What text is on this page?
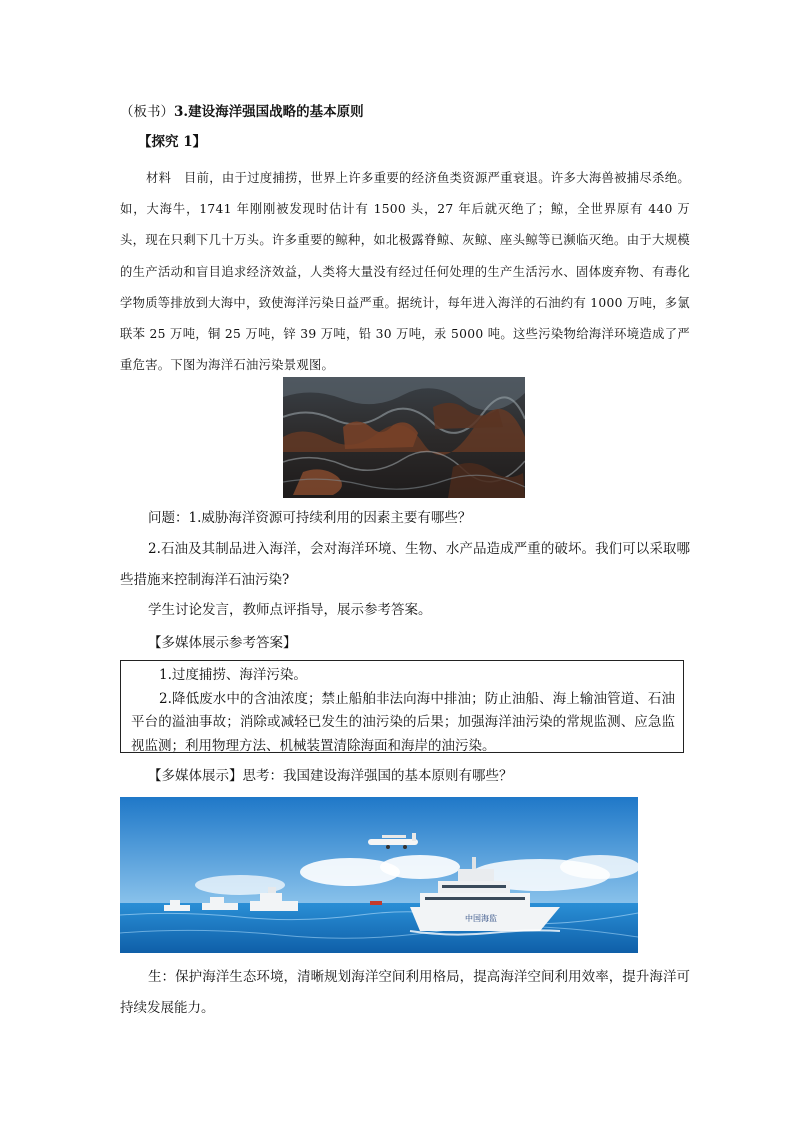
（板书）3.建设海洋强国战略的基本原则

【探究 1】

材料　目前，由于过度捕捞，世界上许多重要的经济鱼类资源严重衰退。许多大海兽被捕尽杀绝。如，大海牛，1741 年刚刚被发现时估计有 1500 头，27 年后就灭绝了；鲸，全世界原有 440 万头，现在只剩下几十万头。许多重要的鲸种，如北极露脊鲸、灰鲸、座头鲸等已濒临灭绝。由于大规模的生产活动和盲目追求经济效益，人类将大量没有经过任何处理的生产生活污水、固体废弃物、有毒化学物质等排放到大海中，致使海洋污染日益严重。据统计，每年进入海洋的石油约有 1000 万吨，多氯联苯 25 万吨，铜 25 万吨，锌 39 万吨，铅 30 万吨，汞 5000 吨。这些污染物给海洋环境造成了严重危害。下图为海洋石油污染景观图。

问题：1.威胁海洋资源可持续利用的因素主要有哪些？

2.石油及其制品进入海洋，会对海洋环境、生物、水产品造成严重的破坏。我们可以采取哪些措施来控制海洋石油污染?

学生讨论发言，教师点评指导，展示参考答案。

【多媒体展示参考答案】

1.过度捕捞、海洋污染。

2.降低废水中的含油浓度；禁止船舶非法向海中排油；防止油船、海上输油管道、石油平台的溢油事故；消除或减轻已发生的油污染的后果；加强海洋油污染的常规监测、应急监视监测；利用物理方法、机械装置清除海面和海岸的油污染。

【多媒体展示】思考：我国建设海洋强国的基本原则有哪些？

中国海监

生：保护海洋生态环境，清晰规划海洋空间利用格局，提高海洋空间利用效率，提升海洋可持续发展能力。
